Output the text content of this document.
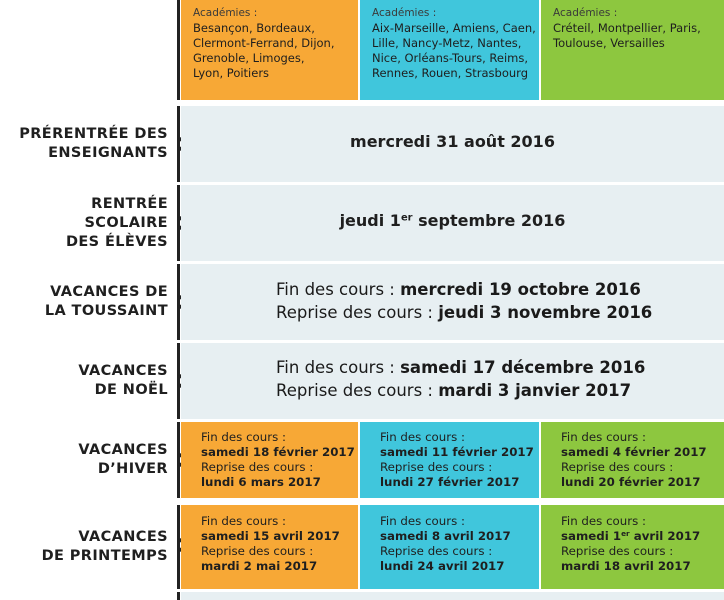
Académies :
Besançon, Bordeaux,
Clermont-Ferrand, Dijon,
Grenoble, Limoges,
Lyon, Poitiers
Académies :
Aix-Marseille, Amiens, Caen,
Lille, Nancy-Metz, Nantes,
Nice, Orléans-Tours, Reims,
Rennes, Rouen, Strasbourg
Académies :
Créteil, Montpellier, Paris,
Toulouse, Versailles
PRÉRENTRÉE DES
ENSEIGNANTS
mercredi 31 août 2016
RENTRÉE
SCOLAIRE
DES ÉLÈVES
jeudi 1er septembre 2016
VACANCES DE
LA TOUSSAINT
Fin des cours : mercredi 19 octobre 2016
Reprise des cours : jeudi 3 novembre 2016
VACANCES
DE NOËL
Fin des cours : samedi 17 décembre 2016
Reprise des cours : mardi 3 janvier 2017
VACANCES
D’HIVER
Fin des cours :
samedi 18 février 2017
Reprise des cours :
lundi 6 mars 2017
Fin des cours :
samedi 11 février 2017
Reprise des cours :
lundi 27 février 2017
Fin des cours :
samedi 4 février 2017
Reprise des cours :
lundi 20 février 2017
VACANCES
DE PRINTEMPS
Fin des cours :
samedi 15 avril 2017
Reprise des cours :
mardi 2 mai 2017
Fin des cours :
samedi 8 avril 2017
Reprise des cours :
lundi 24 avril 2017
Fin des cours :
samedi 1er avril 2017
Reprise des cours :
mardi 18 avril 2017
